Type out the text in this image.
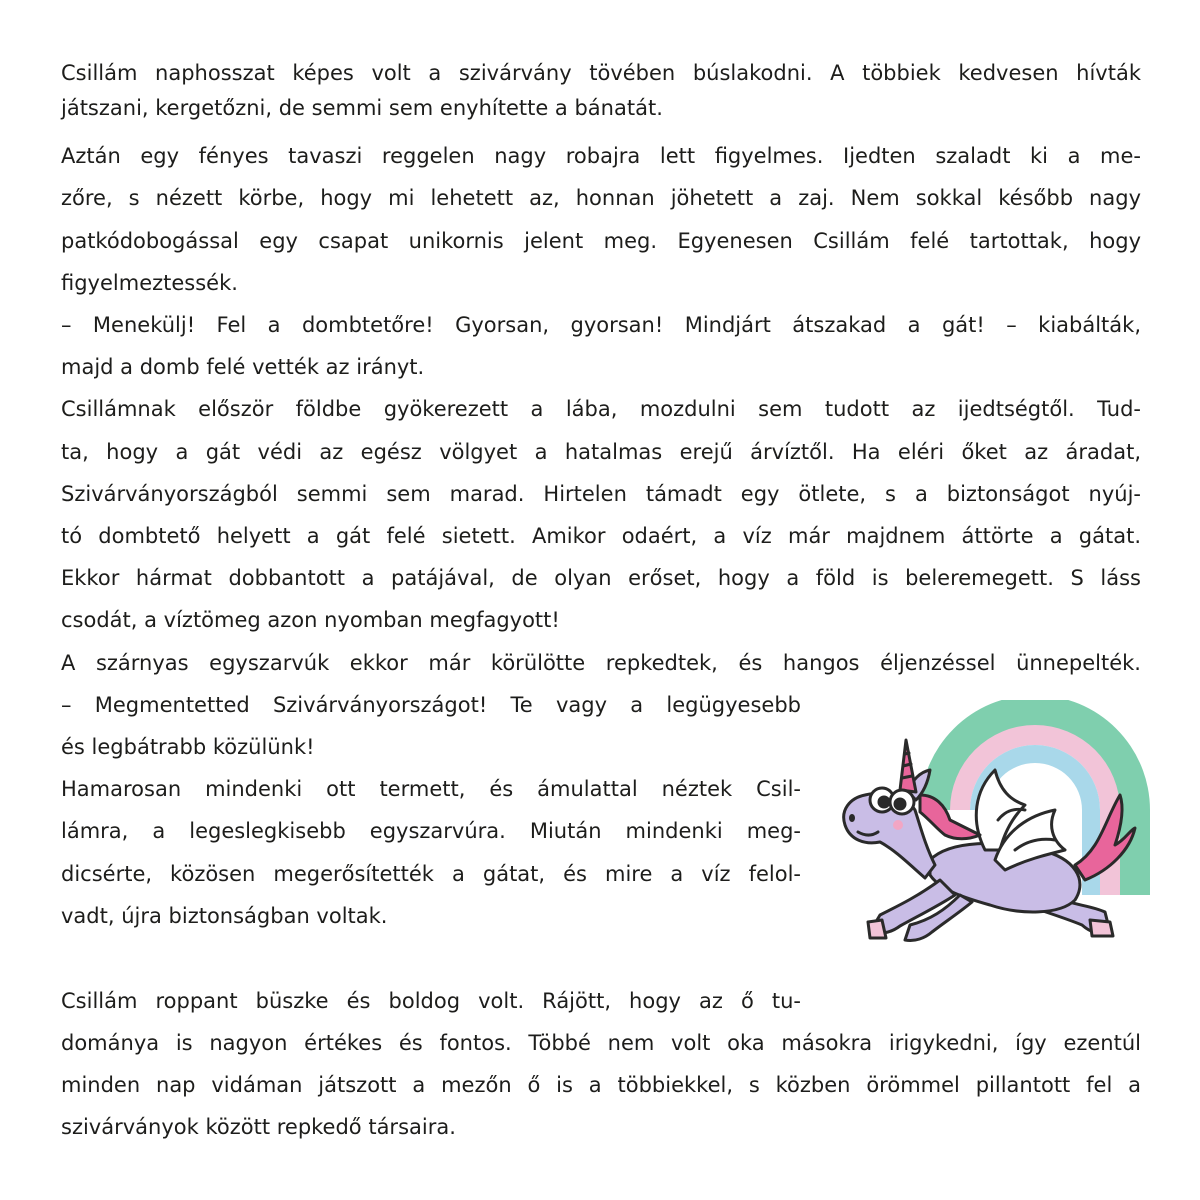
Csillám naphosszat képes volt a szivárvány tövében búslakodni. A többiek kedvesen hívták
játszani, kergetőzni, de semmi sem enyhítette a bánatát.
Aztán egy fényes tavaszi reggelen nagy robajra lett figyelmes. Ijedten szaladt ki a me-
zőre, s nézett körbe, hogy mi lehetett az, honnan jöhetett a zaj. Nem sokkal később nagy
patkódobogással egy csapat unikornis jelent meg. Egyenesen Csillám felé tartottak, hogy
figyelmeztessék.
– Menekülj! Fel a dombtetőre! Gyorsan, gyorsan! Mindjárt átszakad a gát! – kiabálták,
majd a domb felé vették az irányt.
Csillámnak először földbe gyökerezett a lába, mozdulni sem tudott az ijedtségtől. Tud-
ta, hogy a gát védi az egész völgyet a hatalmas erejű árvíztől. Ha eléri őket az áradat,
Szivárványországból semmi sem marad. Hirtelen támadt egy ötlete, s a biztonságot nyúj-
tó dombtető helyett a gát felé sietett. Amikor odaért, a víz már majdnem áttörte a gátat.
Ekkor hármat dobbantott a patájával, de olyan erőset, hogy a föld is beleremegett. S láss
csodát, a víztömeg azon nyomban megfagyott!
A szárnyas egyszarvúk ekkor már körülötte repkedtek, és hangos éljenzéssel ünnepelték.
– Megmentetted Szivárványországot! Te vagy a legügyesebb
és legbátrabb közülünk!
Hamarosan mindenki ott termett, és ámulattal néztek Csil-
lámra, a legeslegkisebb egyszarvúra. Miután mindenki meg-
dicsérte, közösen megerősítették a gátat, és mire a víz felol-
vadt, újra biztonságban voltak.
Csillám roppant büszke és boldog volt. Rájött, hogy az ő tu-
dománya is nagyon értékes és fontos. Többé nem volt oka másokra irigykedni, így ezentúl
minden nap vidáman játszott a mezőn ő is a többiekkel, s közben örömmel pillantott fel a
szivárványok között repkedő társaira.
